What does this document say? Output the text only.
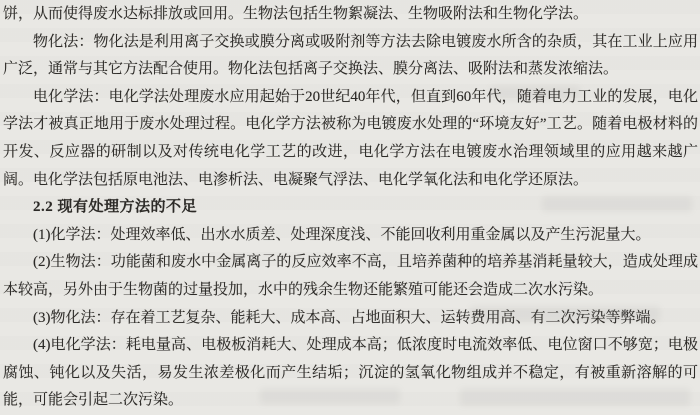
饼，从而使得废水达标排放或回用。生物法包括生物絮凝法、生物吸附法和生物化学法。

物化法：物化法是利用离子交换或膜分离或吸附剂等方法去除电镀废水所含的杂质，其在工业上应用广泛，通常与其它方法配合使用。物化法包括离子交换法、膜分离法、吸附法和蒸发浓缩法。

电化学法：电化学法处理废水应用起始于20世纪40年代，但直到60年代，随着电力工业的发展，电化学法才被真正地用于废水处理过程。电化学方法被称为电镀废水处理的“环境友好”工艺。随着电极材料的开发、反应器的研制以及对传统电化学工艺的改进，电化学方法在电镀废水治理领域里的应用越来越广阔。电化学法包括原电池法、电渗析法、电凝聚气浮法、电化学氧化法和电化学还原法。

2.2 现有处理方法的不足

(1)化学法：处理效率低、出水水质差、处理深度浅、不能回收利用重金属以及产生污泥量大。

(2)生物法：功能菌和废水中金属离子的反应效率不高，且培养菌种的培养基消耗量较大，造成处理成本较高，另外由于生物菌的过量投加，水中的残余生物还能繁殖可能还会造成二次水污染。

(3)物化法：存在着工艺复杂、能耗大、成本高、占地面积大、运转费用高、有二次污染等弊端。

(4)电化学法：耗电量高、电极板消耗大、处理成本高；低浓度时电流效率低、电位窗口不够宽；电极腐蚀、钝化以及失活，易发生浓差极化而产生结垢；沉淀的氢氧化物组成并不稳定，有被重新溶解的可能，可能会引起二次污染。
